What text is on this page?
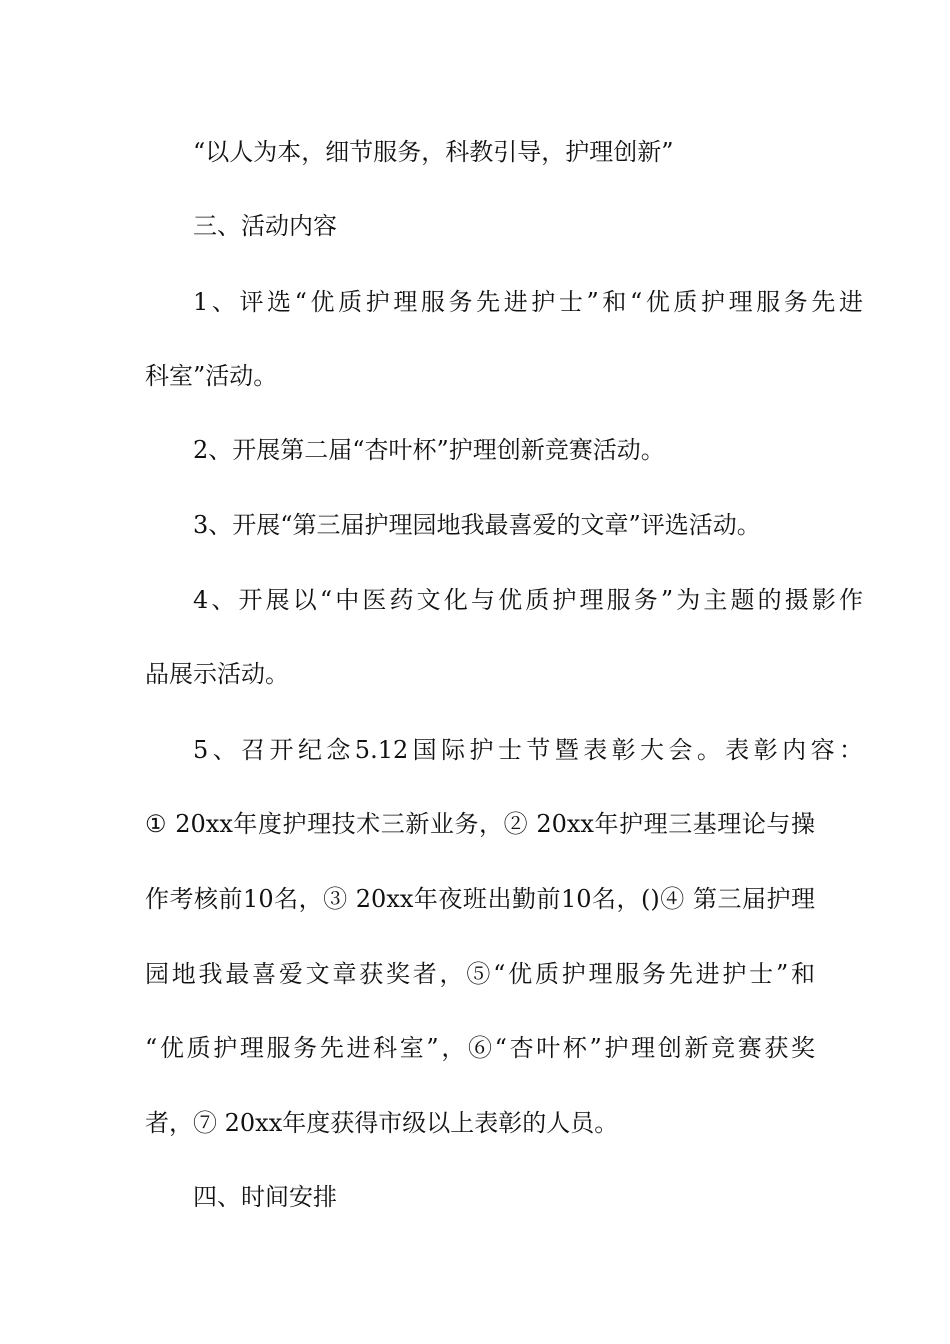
“以人为本，细节服务，科教引导，护理创新”
三、活动内容
1、评选“优质护理服务先进护士”和“优质护理服务先进
科室”活动。
2、开展第二届“杏叶杯”护理创新竞赛活动。
3、开展“第三届护理园地我最喜爱的文章”评选活动。
4、开展以“中医药文化与优质护理服务”为主题的摄影作
品展示活动。
5、召开纪念5.12国际护士节暨表彰大会。表彰内容：
① 20xx年度护理技术三新业务，② 20xx年护理三基理论与操
作考核前10名，③ 20xx年夜班出勤前10名，()④ 第三届护理
园地我最喜爱文章获奖者，⑤“优质护理服务先进护士”和
“优质护理服务先进科室”，⑥“杏叶杯”护理创新竞赛获奖
者，⑦ 20xx年度获得市级以上表彰的人员。
四、时间安排
